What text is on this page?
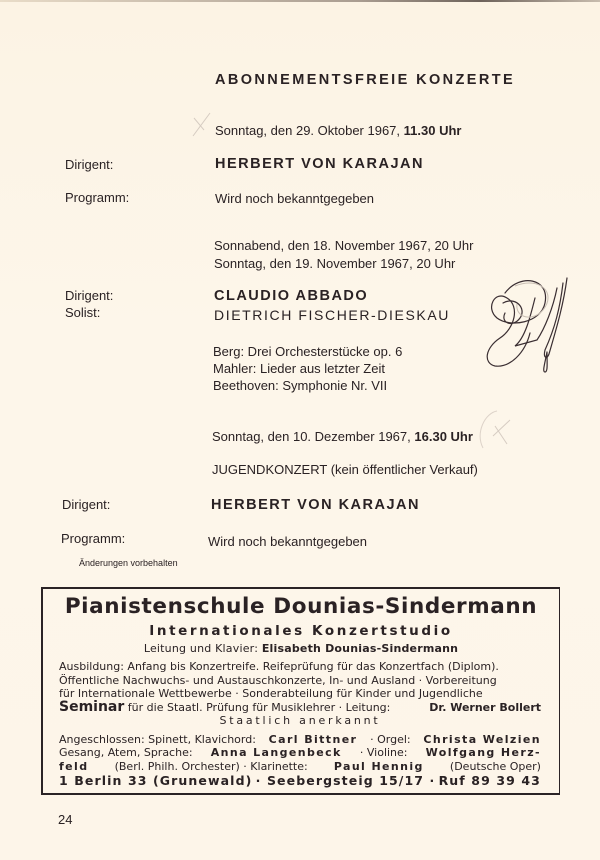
ABONNEMENTSFREIE KONZERTE
Sonntag, den 29. Oktober 1967, 11.30 Uhr
Dirigent:	HERBERT VON KARAJAN
Programm:	Wird noch bekanntgegeben
Sonnabend, den 18. November 1967, 20 Uhr
Sonntag, den 19. November 1967, 20 Uhr
Dirigent:	CLAUDIO ABBADO
Solist:	DIETRICH FISCHER-DIESKAU
Berg: Drei Orchesterstücke op. 6
Mahler: Lieder aus letzter Zeit
Beethoven: Symphonie Nr. VII
Sonntag, den 10. Dezember 1967, 16.30 Uhr
JUGENDKONZERT (kein öffentlicher Verkauf)
Dirigent:	HERBERT VON KARAJAN
Programm:	Wird noch bekanntgegeben
Änderungen vorbehalten
Pianistenschule Dounias-Sindermann
Internationales Konzertstudio
Leitung und Klavier: Elisabeth Dounias-Sindermann
Ausbildung: Anfang bis Konzertreife. Reifeprüfung für das Konzertfach (Diplom).
Öffentliche Nachwuchs- und Austauschkonzerte, In- und Ausland · Vorbereitung
für Internationale Wettbewerbe · Sonderabteilung für Kinder und Jugendliche
Seminar für die Staatl. Prüfung für Musiklehrer · Leitung:	Dr. Werner Bollert
Staatlich anerkannt
Angeschlossen: Spinett, Klavichord: Carl Bittner · Orgel: Christa Welzien
Gesang, Atem, Sprache: Anna Langenbeck · Violine: Wolfgang Herz-
feld (Berl. Philh. Orchester) · Klarinette: Paul Hennig (Deutsche Oper)
1 Berlin 33 (Grunewald) · Seebergsteig 15/17 · Ruf 89 39 43
24
